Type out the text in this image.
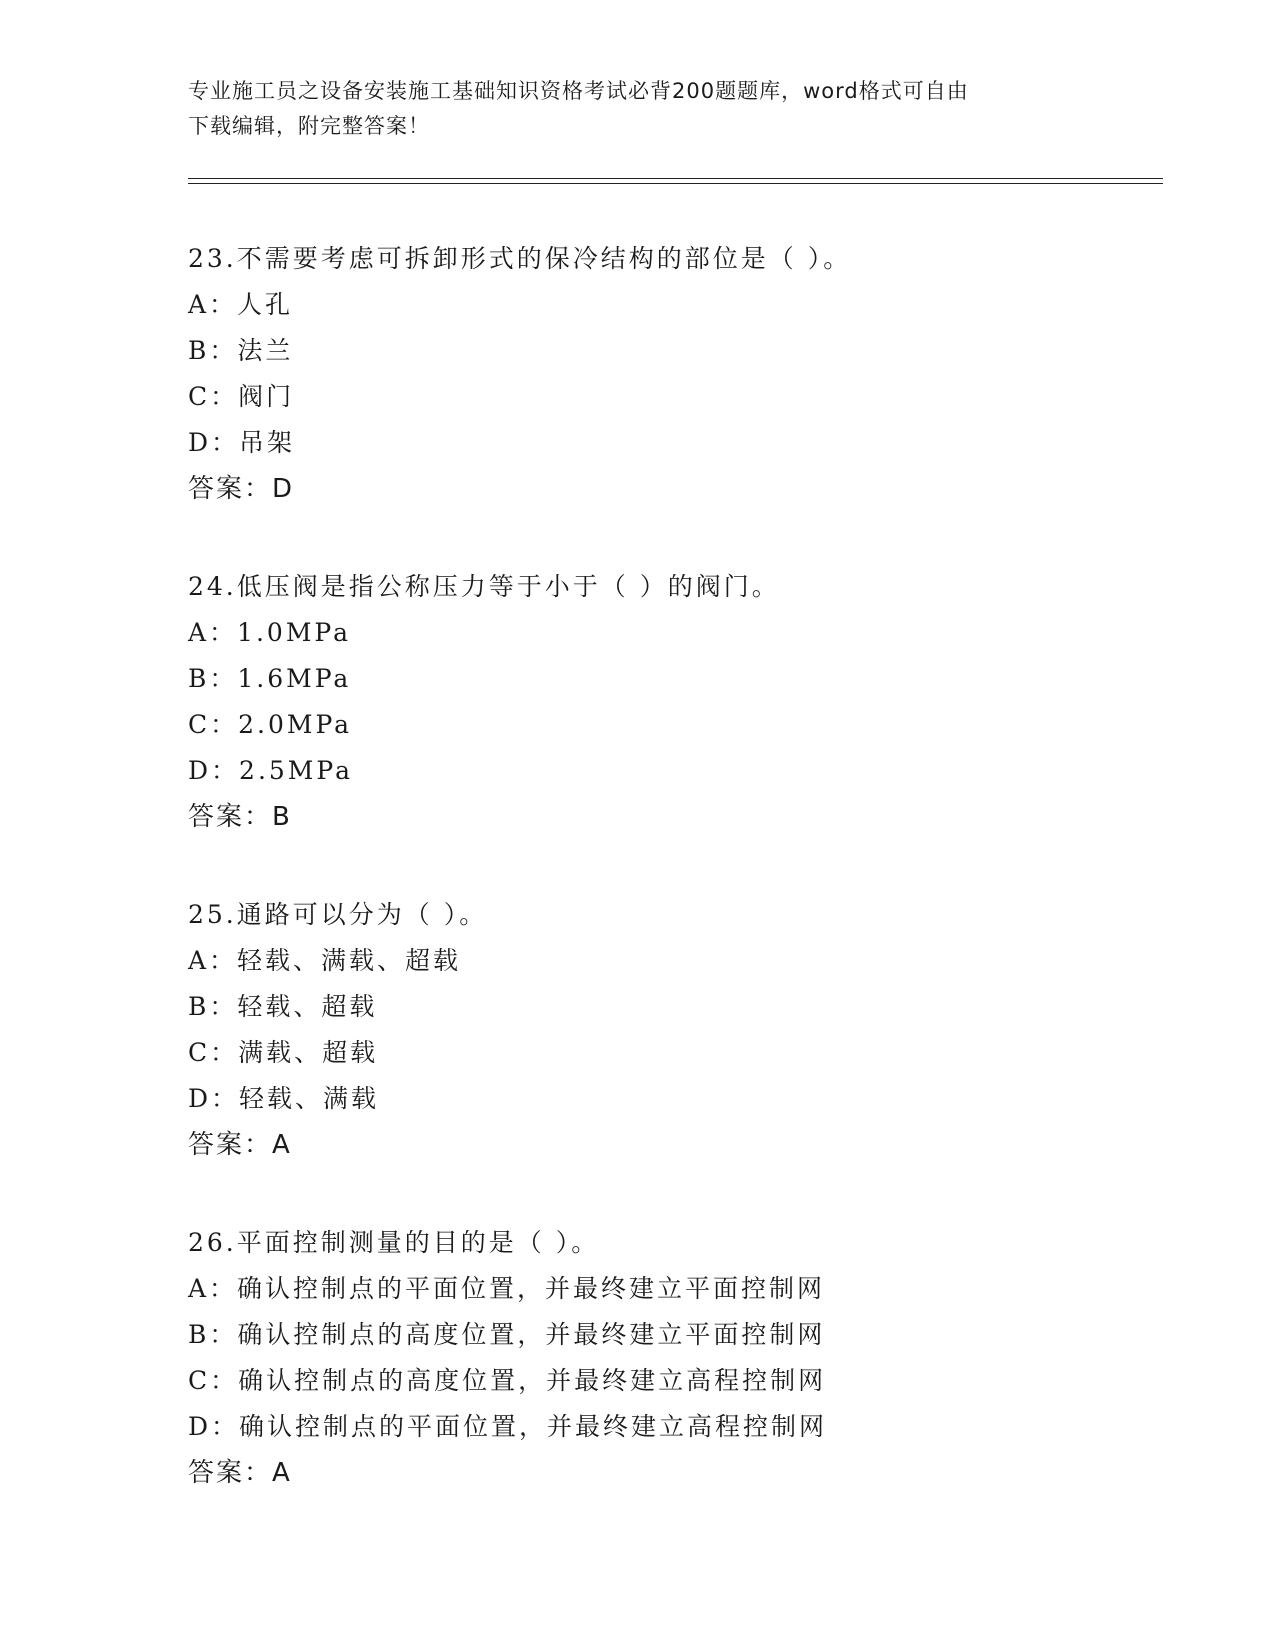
专业施工员之设备安装施工基础知识资格考试必背200题题库，word格式可自由
下载编辑，附完整答案！
23.不需要考虑可拆卸形式的保冷结构的部位是（ ）。
A：人孔
B：法兰
C：阀门
D：吊架
答案：D
24.低压阀是指公称压力等于小于（ ）的阀门。
A：1.0MPa
B：1.6MPa
C：2.0MPa
D：2.5MPa
答案：B
25.通路可以分为（ ）。
A：轻载、满载、超载
B：轻载、超载
C：满载、超载
D：轻载、满载
答案：A
26.平面控制测量的目的是（ ）。
A：确认控制点的平面位置，并最终建立平面控制网
B：确认控制点的高度位置，并最终建立平面控制网
C：确认控制点的高度位置，并最终建立高程控制网
D：确认控制点的平面位置，并最终建立高程控制网
答案：A
